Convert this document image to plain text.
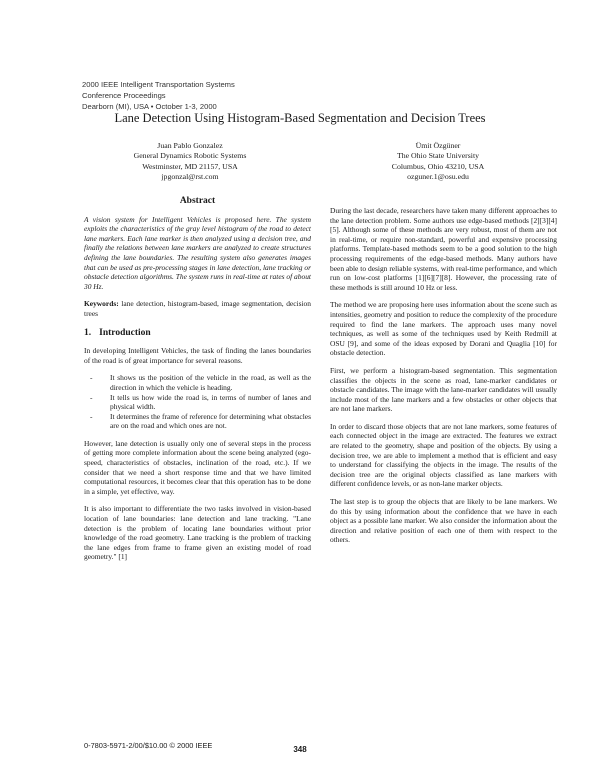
2000 IEEE Intelligent Transportation Systems
Conference Proceedings
Dearborn (MI), USA • October 1-3, 2000
Lane Detection Using Histogram-Based Segmentation and Decision Trees
Juan Pablo Gonzalez
General Dynamics Robotic Systems
Westminster, MD 21157, USA
jpgonzal@rst.com
Ümit Özgüner
The Ohio State University
Columbus, Ohio 43210, USA
ozguner.1@osu.edu
Abstract

A vision system for Intelligent Vehicles is proposed here. The system exploits the characteristics of the gray level histogram of the road to detect lane markers. Each lane marker is then analyzed using a decision tree, and finally the relations between lane markers are analyzed to create structures defining the lane boundaries. The resulting system also generates images that can be used as pre-processing stages in lane detection, lane tracking or obstacle detection algorithms. The system runs in real-time at rates of about 30 Hz.

Keywords: lane detection, histogram-based, image segmentation, decision trees

1. Introduction

In developing Intelligent Vehicles, the task of finding the lanes boundaries of the road is of great importance for several reasons.

- It shows us the position of the vehicle in the road, as well as the direction in which the vehicle is heading.
- It tells us how wide the road is, in terms of number of lanes and physical width.
- It determines the frame of reference for determining what obstacles are on the road and which ones are not.

However, lane detection is usually only one of several steps in the process of getting more complete information about the scene being analyzed (ego-speed, characteristics of obstacles, inclination of the road, etc.). If we consider that we need a short response time and that we have limited computational resources, it becomes clear that this operation has to be done in a simple, yet effective, way.

It is also important to differentiate the two tasks involved in vision-based location of lane boundaries: lane detection and lane tracking. "Lane detection is the problem of locating lane boundaries without prior knowledge of the road geometry. Lane tracking is the problem of tracking the lane edges from frame to frame given an existing model of road geometry." [1]

During the last decade, researchers have taken many different approaches to the lane detection problem. Some authors use edge-based methods [2][3][4][5]. Although some of these methods are very robust, most of them are not in real-time, or require non-standard, powerful and expensive processing platforms. Template-based methods seem to be a good solution to the high processing requirements of the edge-based methods. Many authors have been able to design reliable systems, with real-time performance, and which run on low-cost platforms [1][6][7][8]. However, the processing rate of these methods is still around 10 Hz or less.

The method we are proposing here uses information about the scene such as intensities, geometry and position to reduce the complexity of the procedure required to find the lane markers. The approach uses many novel techniques, as well as some of the techniques used by Keith Redmill at OSU [9], and some of the ideas exposed by Dorani and Quaglia [10] for obstacle detection.

First, we perform a histogram-based segmentation. This segmentation classifies the objects in the scene as road, lane-marker candidates or obstacle candidates. The image with the lane-marker candidates will usually include most of the lane markers and a few obstacles or other objects that are not lane markers.

In order to discard those objects that are not lane markers, some features of each connected object in the image are extracted. The features we extract are related to the geometry, shape and position of the objects. By using a decision tree, we are able to implement a method that is efficient and easy to understand for classifying the objects in the image. The results of the decision tree are the original objects classified as lane markers with different confidence levels, or as non-lane marker objects.

The last step is to group the objects that are likely to be lane markers. We do this by using information about the confidence that we have in each object as a possible lane marker. We also consider the information about the direction and relative position of each one of them with respect to the others.

0-7803-5971-2/00/$10.00 © 2000 IEEE	348
